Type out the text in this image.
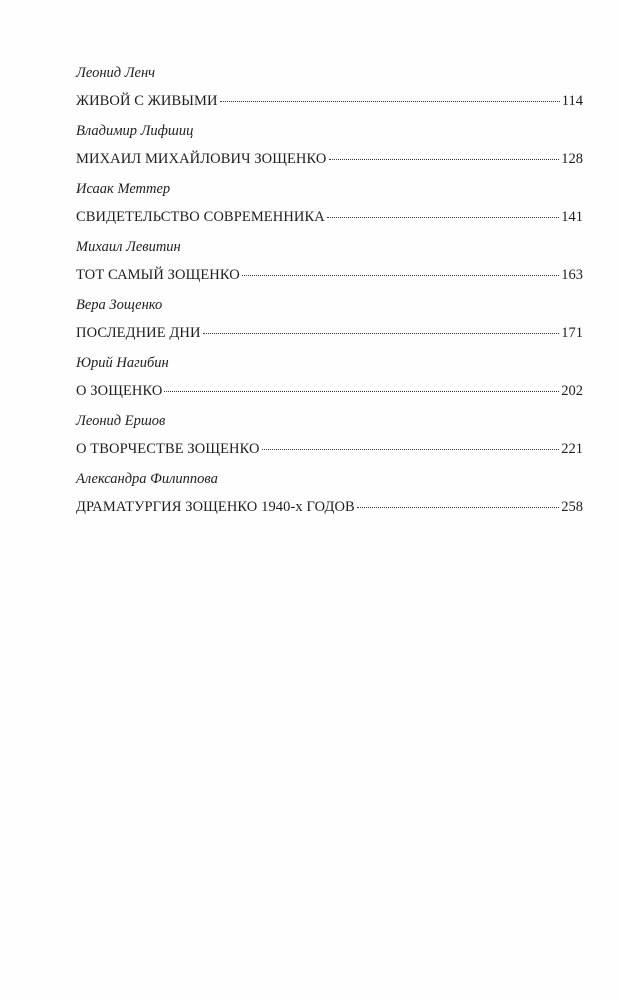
Леонид Ленч
ЖИВОЙ С ЖИВЫМИ	114
Владимир Лифшиц
МИХАИЛ МИХАЙЛОВИЧ ЗОЩЕНКО	128
Исаак Меттер
СВИДЕТЕЛЬСТВО СОВРЕМЕННИКА	141
Михаил Левитин
ТОТ САМЫЙ ЗОЩЕНКО	163
Вера Зощенко
ПОСЛЕДНИЕ ДНИ	171
Юрий Нагибин
О ЗОЩЕНКО	202
Леонид Ершов
О ТВОРЧЕСТВЕ ЗОЩЕНКО	221
Александра Филиппова
ДРАМАТУРГИЯ ЗОЩЕНКО 1940-х ГОДОВ	258
